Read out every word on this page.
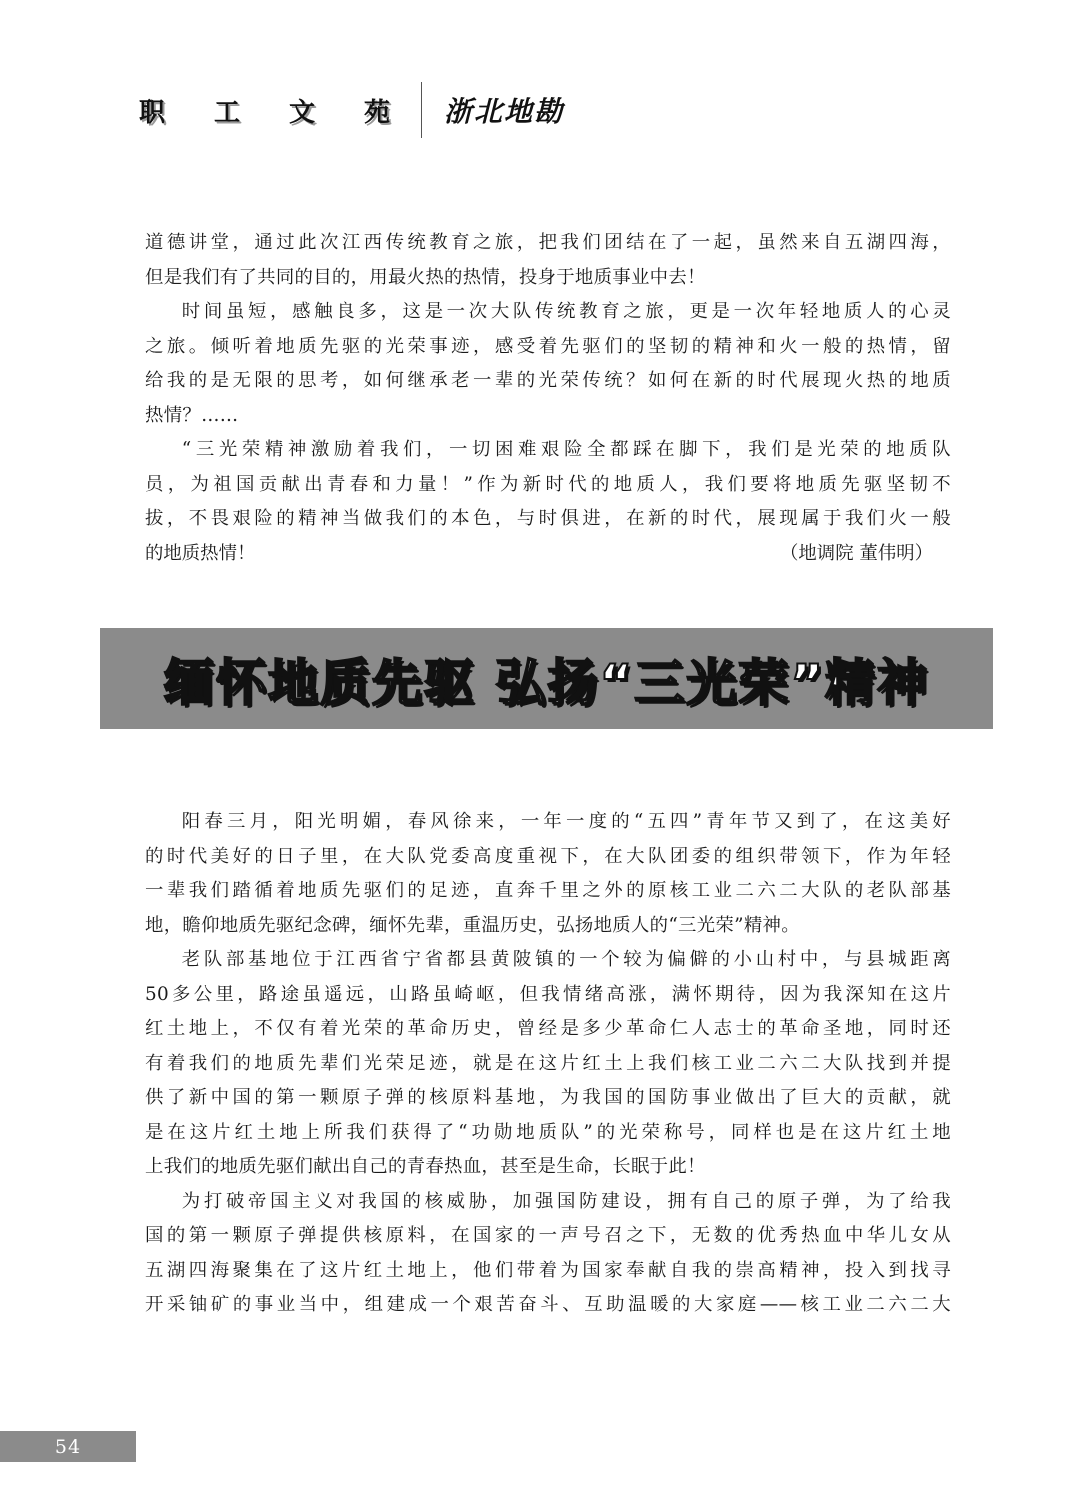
职	工	文	苑	浙北地勘

道德讲堂，通过此次江西传统教育之旅，把我们团结在了一起，虽然来自五湖四海，

但是我们有了共同的目的，用最火热的热情，投身于地质事业中去！

时间虽短，感触良多，这是一次大队传统教育之旅，更是一次年轻地质人的心灵

之旅。倾听着地质先驱的光荣事迹，感受着先驱们的坚韧的精神和火一般的热情，留

给我的是无限的思考，如何继承老一辈的光荣传统？如何在新的时代展现火热的地质

热情？……

“三光荣精神激励着我们，一切困难艰险全都踩在脚下，我们是光荣的地质队

员，为祖国贡献出青春和力量！”作为新时代的地质人，我们要将地质先驱坚韧不

拔，不畏艰险的精神当做我们的本色，与时俱进，在新的时代，展现属于我们火一般

的地质热情！	（地调院 董伟明）
缅怀地质先驱 弘扬“三光荣”精神

阳春三月，阳光明媚，春风徐来，一年一度的“五四”青年节又到了，在这美好

的时代美好的日子里，在大队党委高度重视下，在大队团委的组织带领下，作为年轻

一辈我们踏循着地质先驱们的足迹，直奔千里之外的原核工业二六二大队的老队部基

地，瞻仰地质先驱纪念碑，缅怀先辈，重温历史，弘扬地质人的“三光荣”精神。

老队部基地位于江西省宁省都县黄陂镇的一个较为偏僻的小山村中，与县城距离

50多公里，路途虽遥远，山路虽崎岖，但我情绪高涨，满怀期待，因为我深知在这片

红土地上，不仅有着光荣的革命历史，曾经是多少革命仁人志士的革命圣地，同时还

有着我们的地质先辈们光荣足迹，就是在这片红土上我们核工业二六二大队找到并提

供了新中国的第一颗原子弹的核原料基地，为我国的国防事业做出了巨大的贡献，就

是在这片红土地上所我们获得了“功勋地质队”的光荣称号，同样也是在这片红土地

上我们的地质先驱们献出自己的青春热血，甚至是生命，长眠于此！

为打破帝国主义对我国的核威胁，加强国防建设，拥有自己的原子弹，为了给我

国的第一颗原子弹提供核原料，在国家的一声号召之下，无数的优秀热血中华儿女从

五湖四海聚集在了这片红土地上，他们带着为国家奉献自我的崇高精神，投入到找寻

开采铀矿的事业当中，组建成一个艰苦奋斗、互助温暖的大家庭——核工业二六二大

54
